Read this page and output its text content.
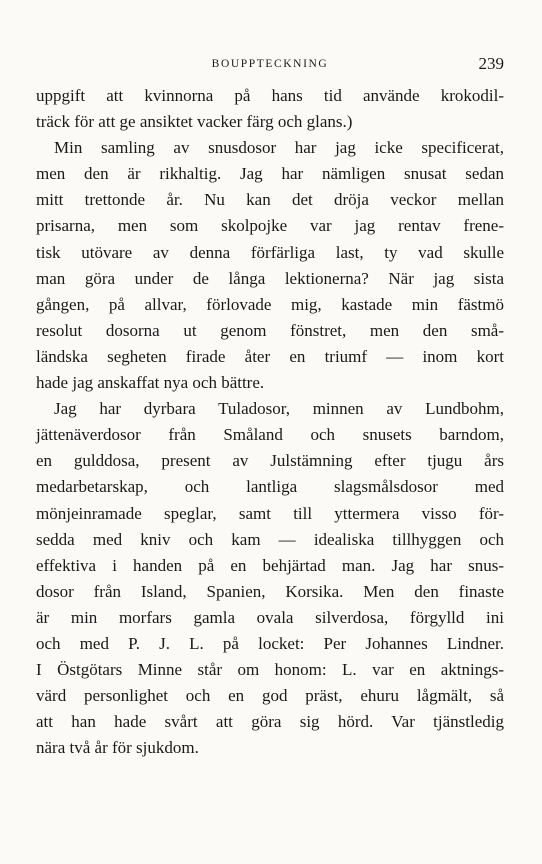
BOUPPTECKNING	239
uppgift att kvinnorna på hans tid använde krokodil-
träck för att ge ansiktet vacker färg och glans.)
Min samling av snusdosor har jag icke specificerat,
men den är rikhaltig. Jag har nämligen snusat sedan
mitt trettonde år. Nu kan det dröja veckor mellan
prisarna, men som skolpojke var jag rentav frene-
tisk utövare av denna förfärliga last, ty vad skulle
man göra under de långa lektionerna? När jag sista
gången, på allvar, förlovade mig, kastade min fästmö
resolut dosorna ut genom fönstret, men den små-
ländska segheten firade åter en triumf — inom kort
hade jag anskaffat nya och bättre.
Jag har dyrbara Tuladosor, minnen av Lundbohm,
jättenäverdosor från Småland och snusets barndom,
en gulddosa, present av Julstämning efter tjugu års
medarbetarskap, och lantliga slagsmålsdosor med
mönjeinramade speglar, samt till yttermera visso för-
sedda med kniv och kam — idealiska tillhyggen och
effektiva i handen på en behjärtad man. Jag har snus-
dosor från Island, Spanien, Korsika. Men den finaste
är min morfars gamla ovala silverdosa, förgylld ini
och med P. J. L. på locket: Per Johannes Lindner.
I Östgötars Minne står om honom: L. var en aktnings-
värd personlighet och en god präst, ehuru lågmält, så
att han hade svårt att göra sig hörd. Var tjänstledig
nära två år för sjukdom.
